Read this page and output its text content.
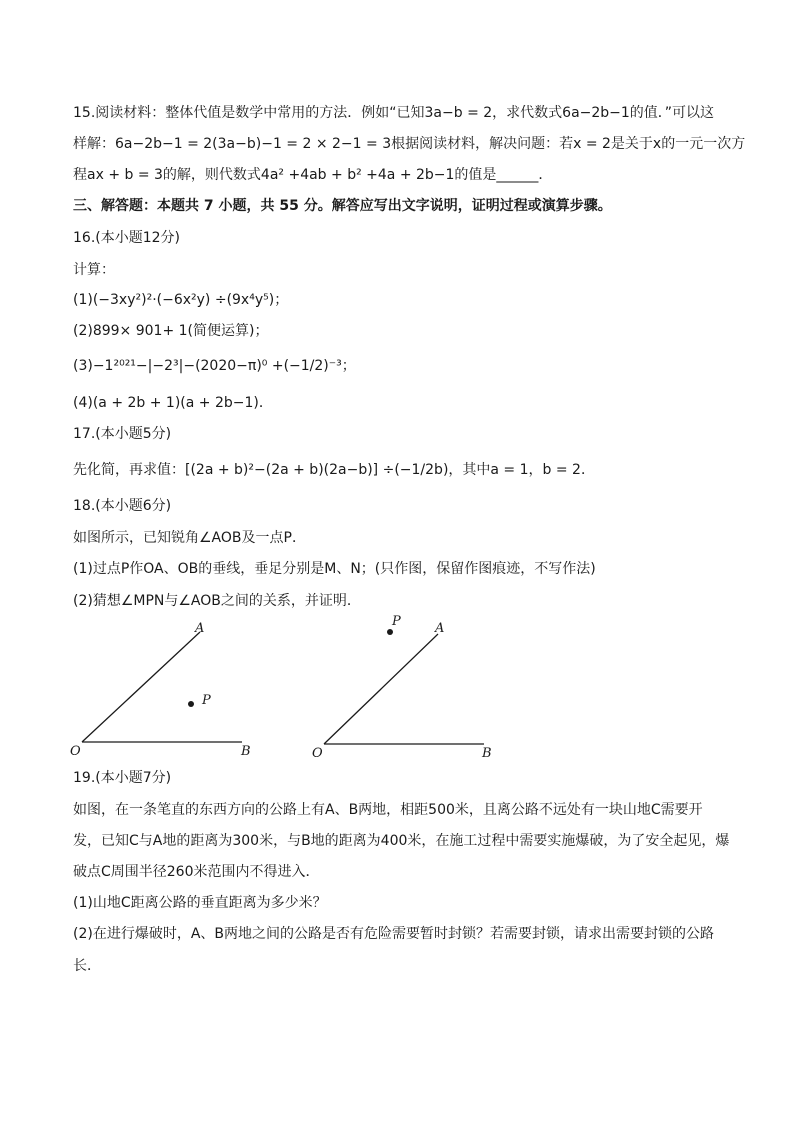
15.阅读材料：整体代值是数学中常用的方法．例如“已知3a−b = 2，求代数式6a−2b−1的值．”可以这
样解：6a−2b−1 = 2(3a−b)−1 = 2 × 2−1 = 3根据阅读材料，解决问题：若x = 2是关于x的一元一次方
程ax + b = 3的解，则代数式4a² +4ab + b² +4a + 2b−1的值是______．
三、解答题：本题共 7 小题，共 55 分。解答应写出文字说明，证明过程或演算步骤。
16.(本小题12分)
计算：
(1)(−3xy²)²·(−6x²y) ÷(9x⁴y⁵)；
(2)899× 901+ 1(简便运算)；
(3)−1²⁰²¹−|−2³|−(2020−π)⁰ +(−1/2)⁻³；
(4)(a + 2b + 1)(a + 2b−1)．
17.(本小题5分)
先化简，再求值：[(2a + b)²−(2a + b)(2a−b)] ÷(−1/2b)，其中a = 1，b = 2．
18.(本小题6分)
如图所示，已知锐角∠AOB及一点P．
(1)过点P作OA、OB的垂线，垂足分别是M、N；(只作图，保留作图痕迹，不写作法)
(2)猜想∠MPN与∠AOB之间的关系，并证明．
A
B
O
P
A
B
O
P
19.(本小题7分)
如图，在一条笔直的东西方向的公路上有A、B两地，相距500米，且离公路不远处有一块山地C需要开
发，已知C与A地的距离为300米，与B地的距离为400米，在施工过程中需要实施爆破，为了安全起见，爆
破点C周围半径260米范围内不得进入．
(1)山地C距离公路的垂直距离为多少米？
(2)在进行爆破时，A、B两地之间的公路是否有危险需要暂时封锁？若需要封锁，请求出需要封锁的公路
长．
